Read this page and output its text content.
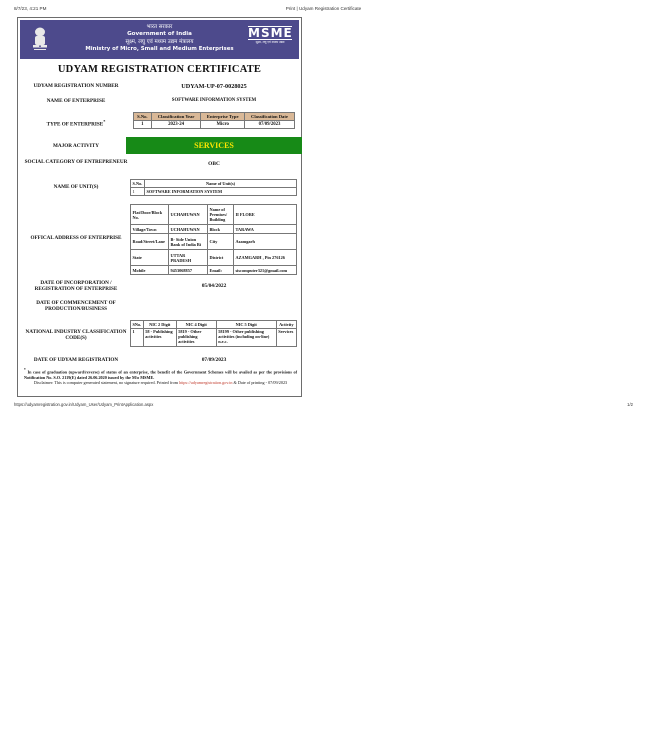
8/7/23, 4:21 PM	Print | Udyam Registration Certificate
भारत सरकार
Government of India
सूक्ष्म, लघु एवं मध्यम उद्यम मंत्रालय
Ministry of Micro, Small and Medium Enterprises
MSME
सूक्ष्म, लघु एवं मध्यम उद्यम
UDYAM REGISTRATION CERTIFICATE
UDYAM REGISTRATION NUMBER	UDYAM-UP-07-0028025
NAME OF ENTERPRISE	SOFTWARE INFORMATION SYSTEM
TYPE OF ENTERPRISE*
S.No.	Classification Year	Enterprise Type	Classification Date
1	2023-24	Micro	07/09/2023
MAJOR ACTIVITY	SERVICES
SOCIAL CATEGORY OF ENTREPRENEUR	OBC
NAME OF UNIT(S)
S.No.	Name of Unit(s)
1	SOFTWARE INFORMATION SYSTEM
OFFICAL ADDRESS OF ENTERPRISE
Flat/Door/Block No.	UCHAHUWAN	Name of Premises/ Building	II FLORE
Village/Town	UCHAHUWAN	Block	TARAWA
Road/Street/Lane	B- Side Union Bank of India Bi	City	Azamgarh
State	UTTAR PRADESH	District	AZAMGARH , Pin 276126
Mobile	9453068857	Email:	siscomputer321@gmail.com
DATE OF INCORPORATION / REGISTRATION OF ENTERPRISE	05/04/2022
DATE OF COMMENCEMENT OF PRODUCTION/BUSINESS
NATIONAL INDUSTRY CLASSIFICATION CODE(S)
SNo.	NIC 2 Digit	NIC 4 Digit	NIC 5 Digit	Activity
1	58 - Publishing activities	5819 - Other publishing activities	58199 - Other publishing activities (including on-line) n.e.c.	Services
DATE OF UDYAM REGISTRATION	07/09/2023
* In case of graduation (upward/reverse) of status of an enterprise, the benefit of the Government Schemes will be availed as per the provisions of Notification No. S.O. 2119(E) dated 26.06.2020 issued by the M/o MSME.
Disclaimer: This is computer generated statement, no signature required. Printed from https://udyamregistration.gov.in & Date of printing - 07/09/2023
https://udyamregistration.gov.in/Udyam_User/Udyam_PrintApplication.aspx	1/2
